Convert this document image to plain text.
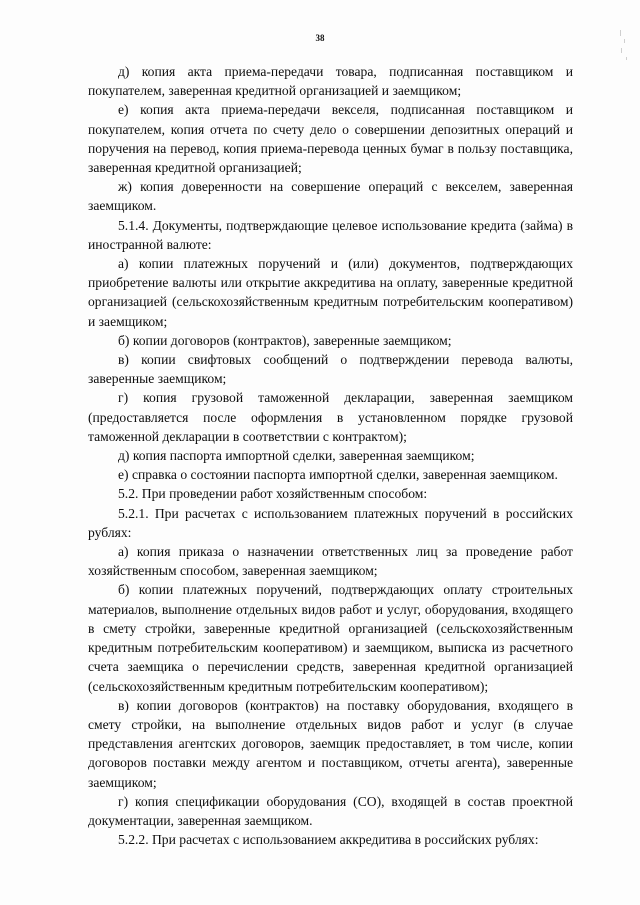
38

д) копия акта приема-передачи товара, подписанная поставщиком и покупателем, заверенная кредитной организацией и заемщиком;

е) копия акта приема-передачи векселя, подписанная поставщиком и покупателем, копия отчета по счету дело о совершении депозитных операций и поручения на перевод, копия приема-перевода ценных бумаг в пользу поставщика, заверенная кредитной организацией;

ж) копия доверенности на совершение операций с векселем, заверенная заемщиком.

5.1.4. Документы, подтверждающие целевое использование кредита (займа) в иностранной валюте:

а) копии платежных поручений и (или) документов, подтверждающих приобретение валюты или открытие аккредитива на оплату, заверенные кредитной организацией (сельскохозяйственным кредитным потребительским кооперативом) и заемщиком;

б) копии договоров (контрактов), заверенные заемщиком;

в) копии свифтовых сообщений о подтверждении перевода валюты, заверенные заемщиком;

г) копия грузовой таможенной декларации, заверенная заемщиком (предоставляется после оформления в установленном порядке грузовой таможенной декларации в соответствии с контрактом);

д) копия паспорта импортной сделки, заверенная заемщиком;

е) справка о состоянии паспорта импортной сделки, заверенная заемщиком.

5.2. При проведении работ хозяйственным способом:

5.2.1. При расчетах с использованием платежных поручений в российских рублях:

а) копия приказа о назначении ответственных лиц за проведение работ хозяйственным способом, заверенная заемщиком;

б) копии платежных поручений, подтверждающих оплату строительных материалов, выполнение отдельных видов работ и услуг, оборудования, входящего в смету стройки, заверенные кредитной организацией (сельскохозяйственным кредитным потребительским кооперативом) и заемщиком, выписка из расчетного счета заемщика о перечислении средств, заверенная кредитной организацией (сельскохозяйственным кредитным потребительским кооперативом);

в) копии договоров (контрактов) на поставку оборудования, входящего в смету стройки, на выполнение отдельных видов работ и услуг (в случае представления агентских договоров, заемщик предоставляет, в том числе, копии договоров поставки между агентом и поставщиком, отчеты агента), заверенные заемщиком;

г) копия спецификации оборудования (СО), входящей в состав проектной документации, заверенная заемщиком.

5.2.2. При расчетах с использованием аккредитива в российских рублях:
